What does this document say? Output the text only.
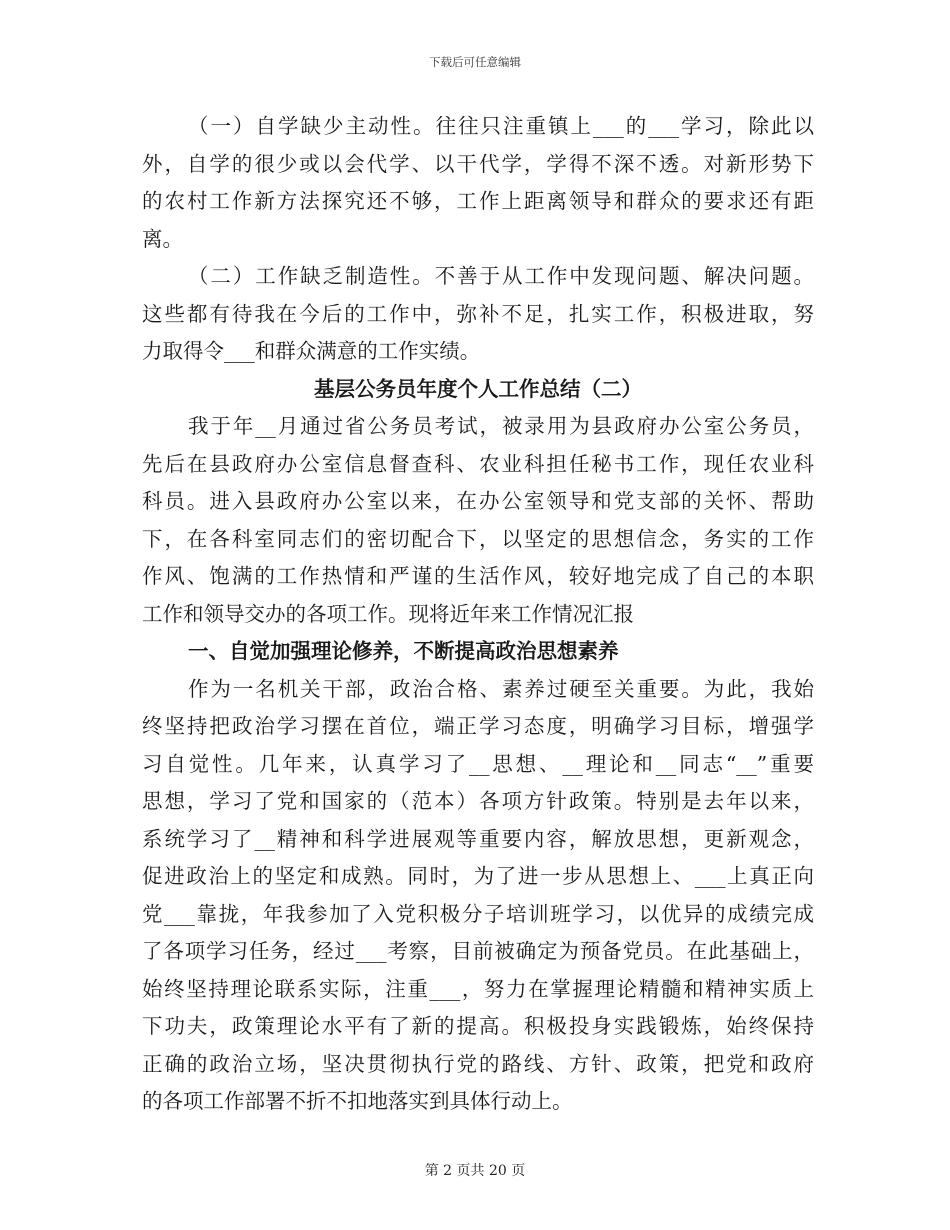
下载后可任意编辑
（一）自学缺少主动性。往往只注重镇上___的___学习，除此以
外，自学的很少或以会代学、以干代学，学得不深不透。对新形势下
的农村工作新方法探究还不够，工作上距离领导和群众的要求还有距
离。
（二）工作缺乏制造性。不善于从工作中发现问题、解决问题。
这些都有待我在今后的工作中，弥补不足，扎实工作，积极进取，努
力取得令___和群众满意的工作实绩。
基层公务员年度个人工作总结（二）
我于年__月通过省公务员考试，被录用为县政府办公室公务员，
先后在县政府办公室信息督查科、农业科担任秘书工作，现任农业科
科员。进入县政府办公室以来，在办公室领导和党支部的关怀、帮助
下，在各科室同志们的密切配合下，以坚定的思想信念，务实的工作
作风、饱满的工作热情和严谨的生活作风，较好地完成了自己的本职
工作和领导交办的各项工作。现将近年来工作情况汇报
一、自觉加强理论修养，不断提高政治思想素养
作为一名机关干部，政治合格、素养过硬至关重要。为此，我始
终坚持把政治学习摆在首位，端正学习态度，明确学习目标，增强学
习自觉性。几年来，认真学习了__思想、__理论和__同志“__”重要
思想，学习了党和国家的（范本）各项方针政策。特别是去年以来，
系统学习了__精神和科学进展观等重要内容，解放思想，更新观念，
促进政治上的坚定和成熟。同时，为了进一步从思想上、___上真正向
党___靠拢，年我参加了入党积极分子培训班学习，以优异的成绩完成
了各项学习任务，经过___考察，目前被确定为预备党员。在此基础上，
始终坚持理论联系实际，注重___，努力在掌握理论精髓和精神实质上
下功夫，政策理论水平有了新的提高。积极投身实践锻炼，始终保持
正确的政治立场，坚决贯彻执行党的路线、方针、政策，把党和政府
的各项工作部署不折不扣地落实到具体行动上。
第 2 页共 20 页
